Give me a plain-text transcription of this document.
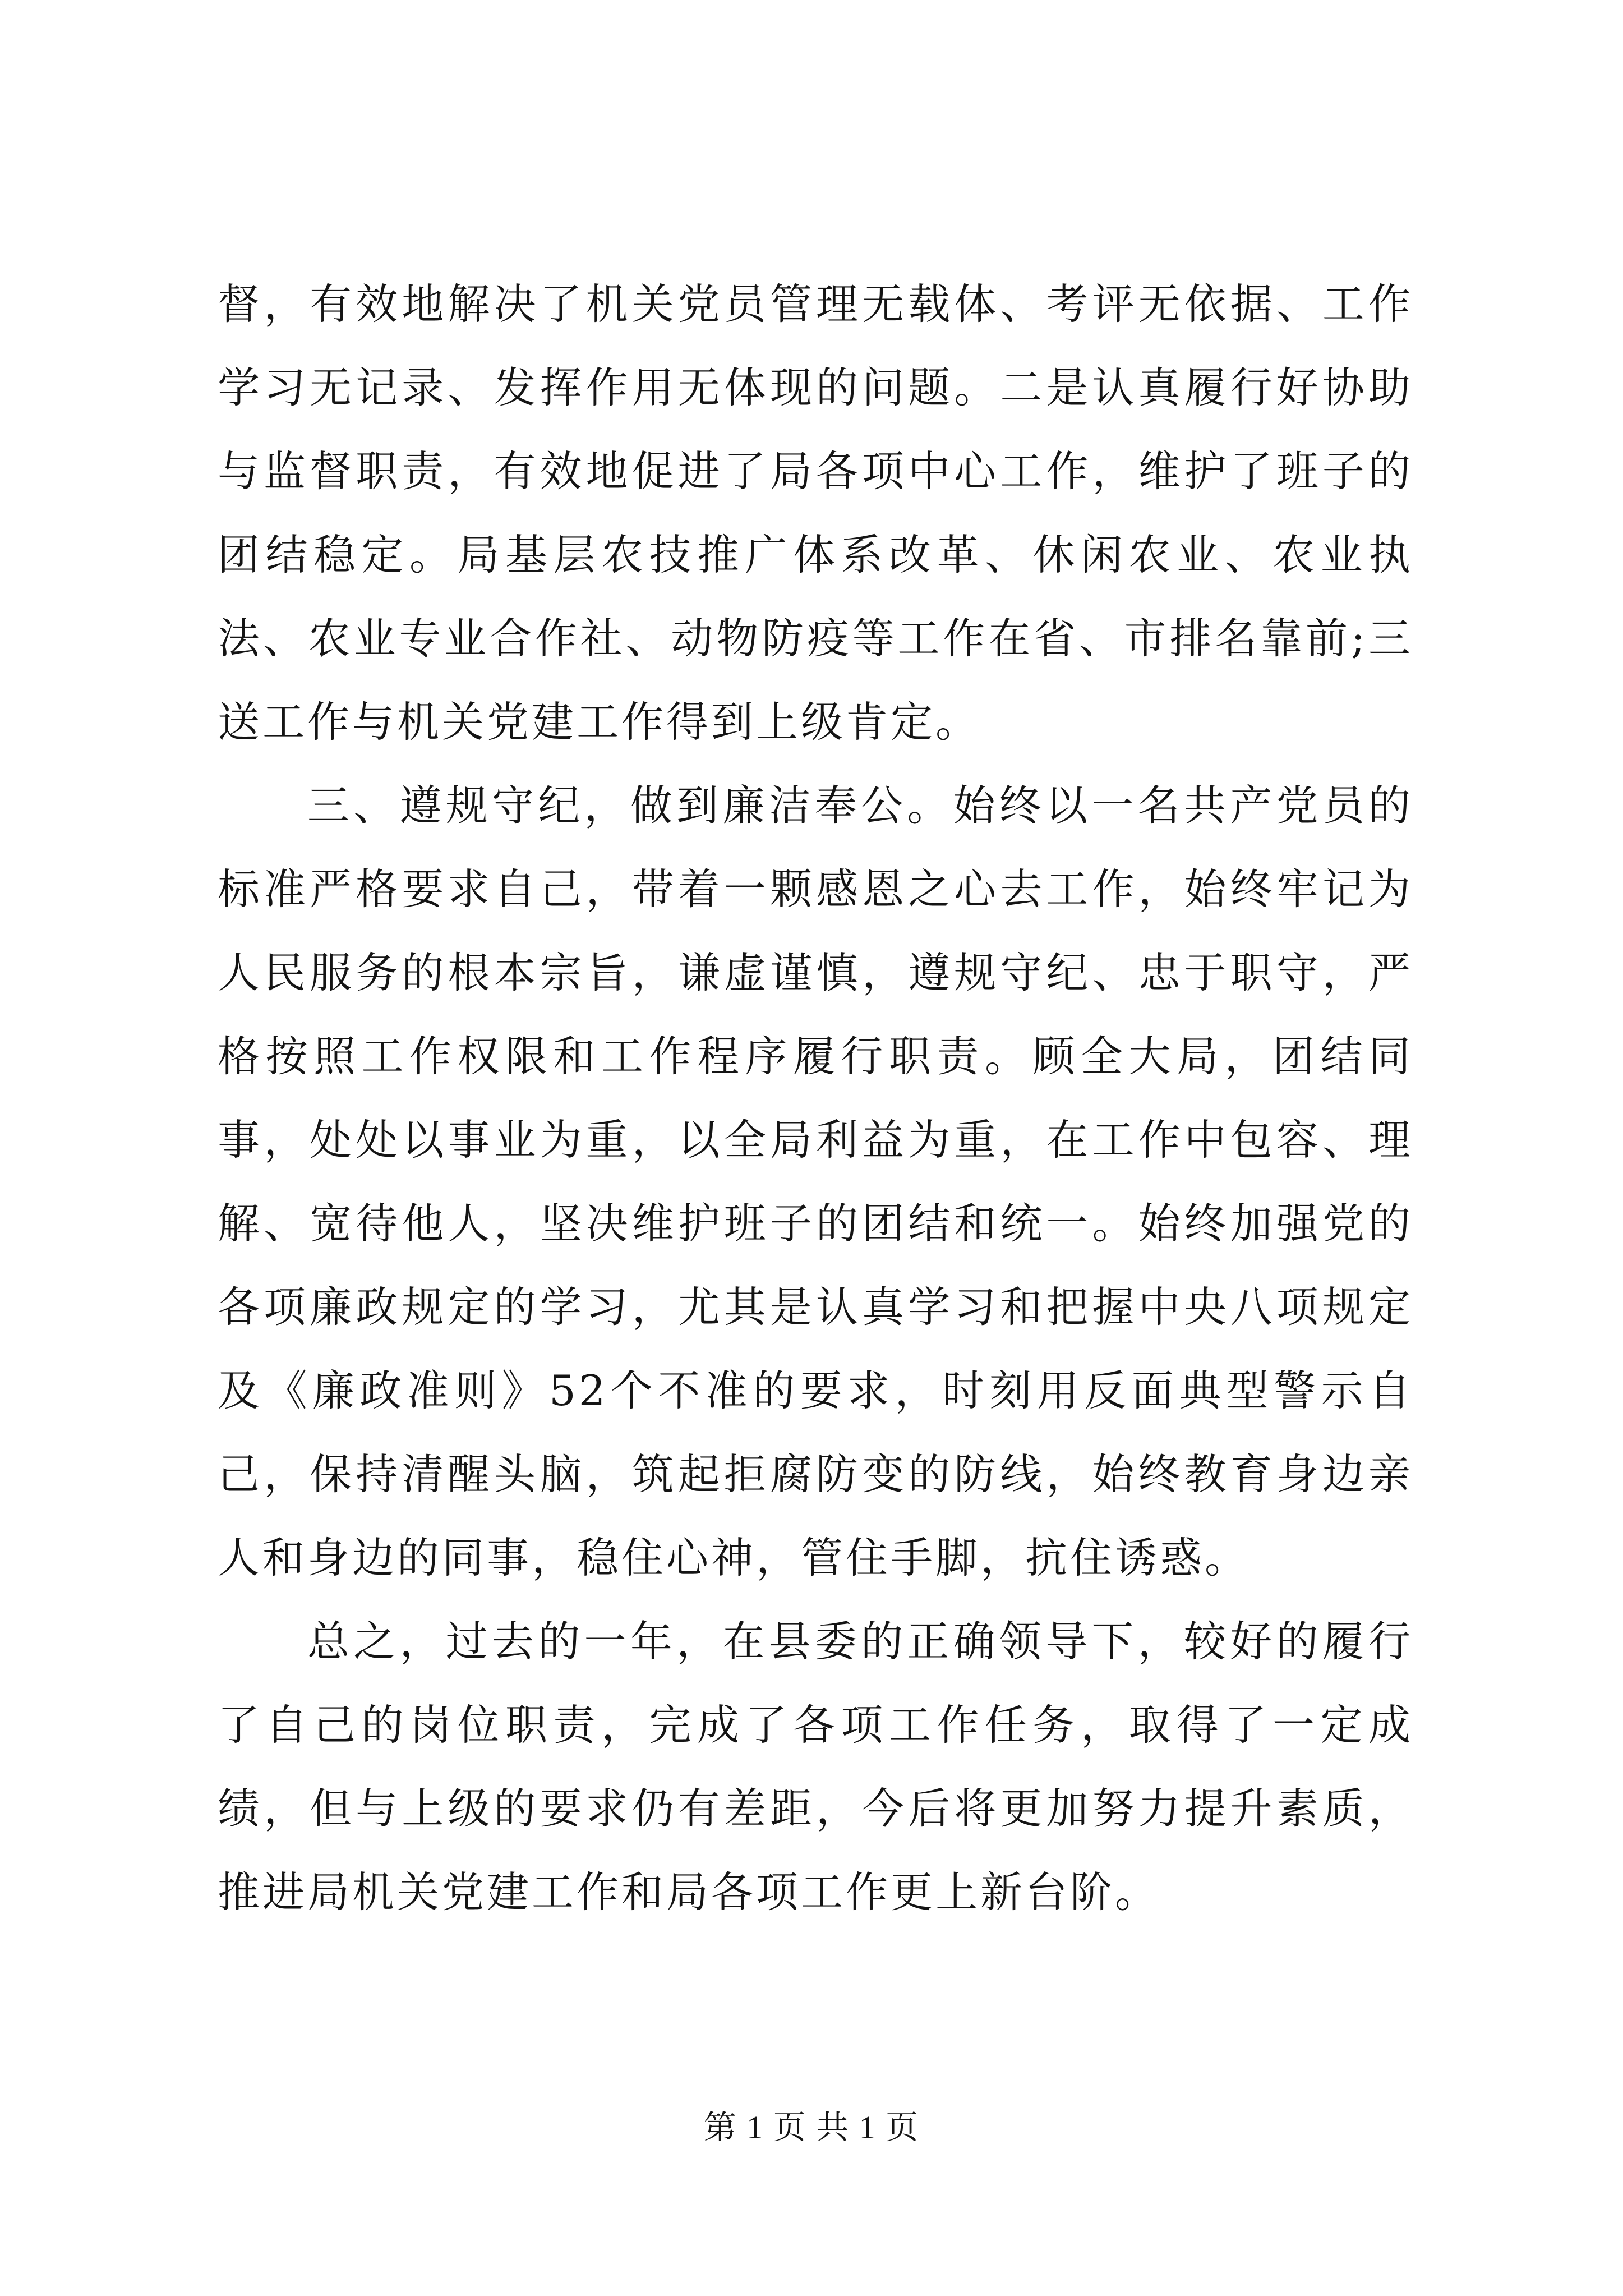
督，有效地解决了机关党员管理无载体、考评无依据、工作学习无记录、发挥作用无体现的问题。二是认真履行好协助与监督职责，有效地促进了局各项中心工作，维护了班子的团结稳定。局基层农技推广体系改革、休闲农业、农业执法、农业专业合作社、动物防疫等工作在省、市排名靠前;三送工作与机关党建工作得到上级肯定。

三、遵规守纪，做到廉洁奉公。始终以一名共产党员的标准严格要求自己，带着一颗感恩之心去工作，始终牢记为人民服务的根本宗旨，谦虚谨慎，遵规守纪、忠于职守，严格按照工作权限和工作程序履行职责。顾全大局，团结同事，处处以事业为重，以全局利益为重，在工作中包容、理解、宽待他人，坚决维护班子的团结和统一。始终加强党的各项廉政规定的学习，尤其是认真学习和把握中央八项规定及《廉政准则》52个不准的要求，时刻用反面典型警示自己，保持清醒头脑，筑起拒腐防变的防线，始终教育身边亲人和身边的同事，稳住心神，管住手脚，抗住诱惑。

总之，过去的一年，在县委的正确领导下，较好的履行了自己的岗位职责，完成了各项工作任务，取得了一定成绩，但与上级的要求仍有差距，今后将更加努力提升素质，推进局机关党建工作和局各项工作更上新台阶。

第 1 页 共 1 页
